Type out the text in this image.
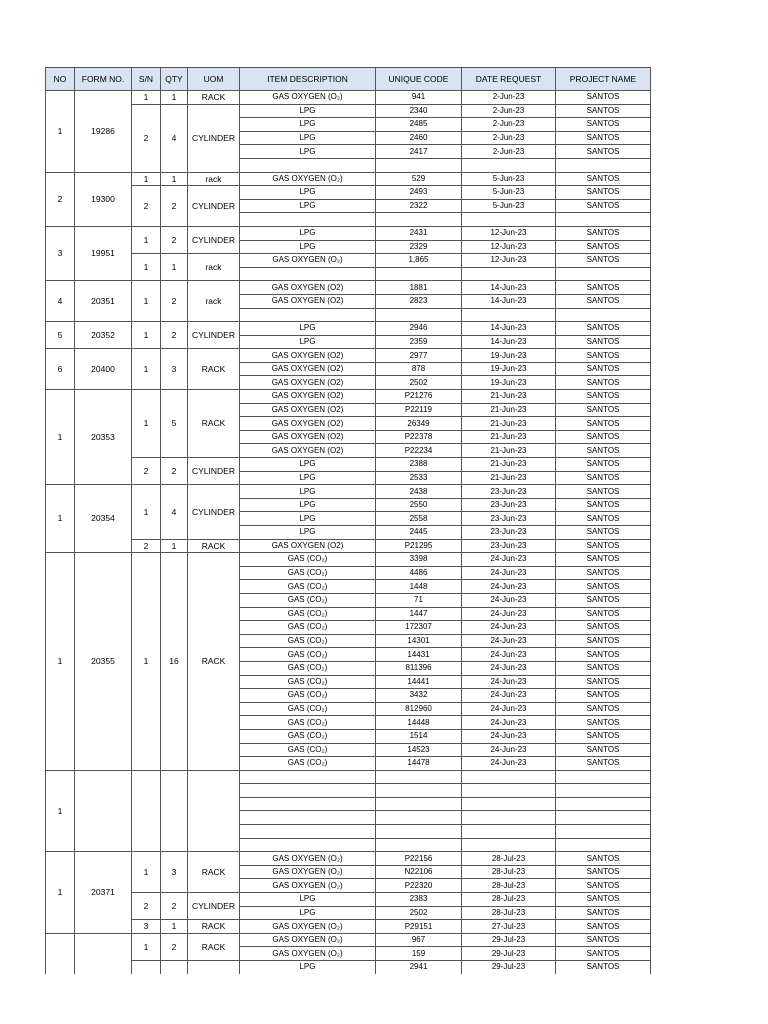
NO	FORM NO.	S/N	QTY	UOM	ITEM DESCRIPTION	UNIQUE CODE	DATE REQUEST	PROJECT NAME
1	19286	1	1	RACK	GAS OXYGEN (O₂)	941	2-Jun-23	SANTOS
		2	4	CYLINDER	LPG	2340	2-Jun-23	SANTOS
					LPG	2485	2-Jun-23	SANTOS
					LPG	2460	2-Jun-23	SANTOS
					LPG	2417	2-Jun-23	SANTOS

2	19300	1	1	rack	GAS OXYGEN (O₂)	529	5-Jun-23	SANTOS
		2	2	CYLINDER	LPG	2493	5-Jun-23	SANTOS
					LPG	2322	5-Jun-23	SANTOS

3	19951	1	2	CYLINDER	LPG	2431	12-Jun-23	SANTOS
					LPG	2329	12-Jun-23	SANTOS
		1	1	rack	GAS OXYGEN (O₂)	1,865	12-Jun-23	SANTOS

4	20351	1	2	rack	GAS OXYGEN (O2)	1881	14-Jun-23	SANTOS
					GAS OXYGEN (O2)	2823	14-Jun-23	SANTOS

5	20352	1	2	CYLINDER	LPG	2946	14-Jun-23	SANTOS
					LPG	2359	14-Jun-23	SANTOS
6	20400	1	3	RACK	GAS OXYGEN (O2)	2977	19-Jun-23	SANTOS
					GAS OXYGEN (O2)	878	19-Jun-23	SANTOS
					GAS OXYGEN (O2)	2502	19-Jun-23	SANTOS
1	20353	1	5	RACK	GAS OXYGEN (O2)	P21276	21-Jun-23	SANTOS
					GAS OXYGEN (O2)	P22119	21-Jun-23	SANTOS
					GAS OXYGEN (O2)	26349	21-Jun-23	SANTOS
					GAS OXYGEN (O2)	P22378	21-Jun-23	SANTOS
					GAS OXYGEN (O2)	P22234	21-Jun-23	SANTOS
		2	2	CYLINDER	LPG	2388	21-Jun-23	SANTOS
					LPG	2533	21-Jun-23	SANTOS
1	20354	1	4	CYLINDER	LPG	2438	23-Jun-23	SANTOS
					LPG	2550	23-Jun-23	SANTOS
					LPG	2558	23-Jun-23	SANTOS
					LPG	2445	23-Jun-23	SANTOS
		2	1	RACK	GAS OXYGEN (O2)	P21295	23-Jun-23	SANTOS
1	20355	1	16	RACK	GAS (CO₂)	3398	24-Jun-23	SANTOS
					GAS (CO₂)	4486	24-Jun-23	SANTOS
					GAS (CO₂)	1448	24-Jun-23	SANTOS
					GAS (CO₂)	71	24-Jun-23	SANTOS
					GAS (CO₂)	1447	24-Jun-23	SANTOS
					GAS (CO₂)	172307	24-Jun-23	SANTOS
					GAS (CO₂)	14301	24-Jun-23	SANTOS
					GAS (CO₂)	14431	24-Jun-23	SANTOS
					GAS (CO₂)	811396	24-Jun-23	SANTOS
					GAS (CO₂)	14441	24-Jun-23	SANTOS
					GAS (CO₂)	3432	24-Jun-23	SANTOS
					GAS (CO₂)	812960	24-Jun-23	SANTOS
					GAS (CO₂)	14448	24-Jun-23	SANTOS
					GAS (CO₂)	1514	24-Jun-23	SANTOS
					GAS (CO₂)	14523	24-Jun-23	SANTOS
					GAS (CO₂)	14478	24-Jun-23	SANTOS
1								

1	20371	1	3	RACK	GAS OXYGEN (O₂)	P22156	28-Jul-23	SANTOS
					GAS OXYGEN (O₂)	N22106	28-Jul-23	SANTOS
					GAS OXYGEN (O₂)	P22320	28-Jul-23	SANTOS
		2	2	CYLINDER	LPG	2383	28-Jul-23	SANTOS
					LPG	2502	28-Jul-23	SANTOS
		3	1	RACK	GAS OXYGEN (O₂)	P29151	27-Jul-23	SANTOS
		1	2	RACK	GAS OXYGEN (O₂)	967	29-Jul-23	SANTOS
					GAS OXYGEN (O₂)	159	29-Jul-23	SANTOS
					LPG	2941	29-Jul-23	SANTOS
